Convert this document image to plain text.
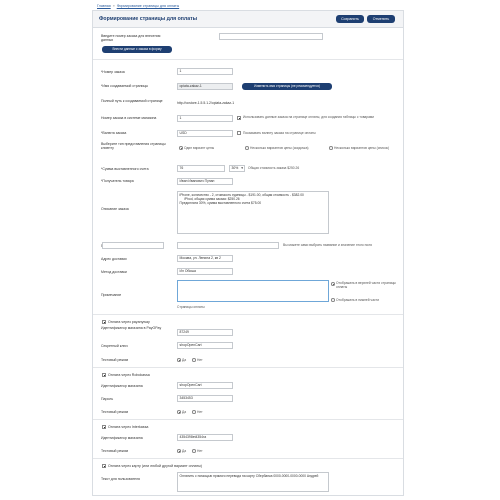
Главная » Формирование страницы для оплаты
Формирование страницы для оплаты	Сохранить	Отменить
Введите номер заказа для внесения данных
Внести данные с заказа в форму
*Номер заказа	1
*Имя создаваемой страницы	opiata-zakaz-1	Изменить имя страницы (не рекомендуется)
Полный путь к создаваемой странице	http://ocstore-1.5.5.1.2/opiata-zakaz-1
Номер заказа в системе магазина	1	Использовать данные заказа на странице оплаты, для создания таблицы с товарами
*Валюта заказа	USD	Показывать валюту заказа на странице оплаты
Выберите тип представления страницы клиенту	Один вариант цены	Несколько вариантов цены (скидочка)	Несколько вариантов цены (список)
*Сумма выставленного счета	76	30% ▾	Общая стоимость заказа $250.26
*Получатель товара	Иван Иванович Пупан
Описание заказа
iPhone, количество - 2, стоимость единицы - $191.00, общая стоимость - $382.00
iPhod, общая сумма заказа: $250.26
Предоплата 30%, сумма выставленного счета $75.00
Вы можете сами выбрать название и значение этого поля
Адрес доставки	Москва, ул. Ленина 2, кв 2
Метод доставки	Ил Обоша
Примечание
Отображать в верхней части страницы оплаты
Отображать в нижней части
Страницы оплаты
Оплата через payanyway
Идентификатор магазина в PayOPay
87249
Секретный ключ	shopOpenCart
Тестовый режим	Да	Нет
Оплата через Robokassa
Идентификатор магазина	shopOpenCart
Пароль	3453453
Тестовый режим	Да	Нет
Оплата через Interkassa
Идентификатор магазина	4354398et4354ra
Тестовый режим	Да	Нет
Оплата через карту (или любой другой вариант оплаты)
Текст для пользователя
Оплатить с помощью прямого перевода на карту Сбербанка 0000-0000-0000-0000 Андрей
